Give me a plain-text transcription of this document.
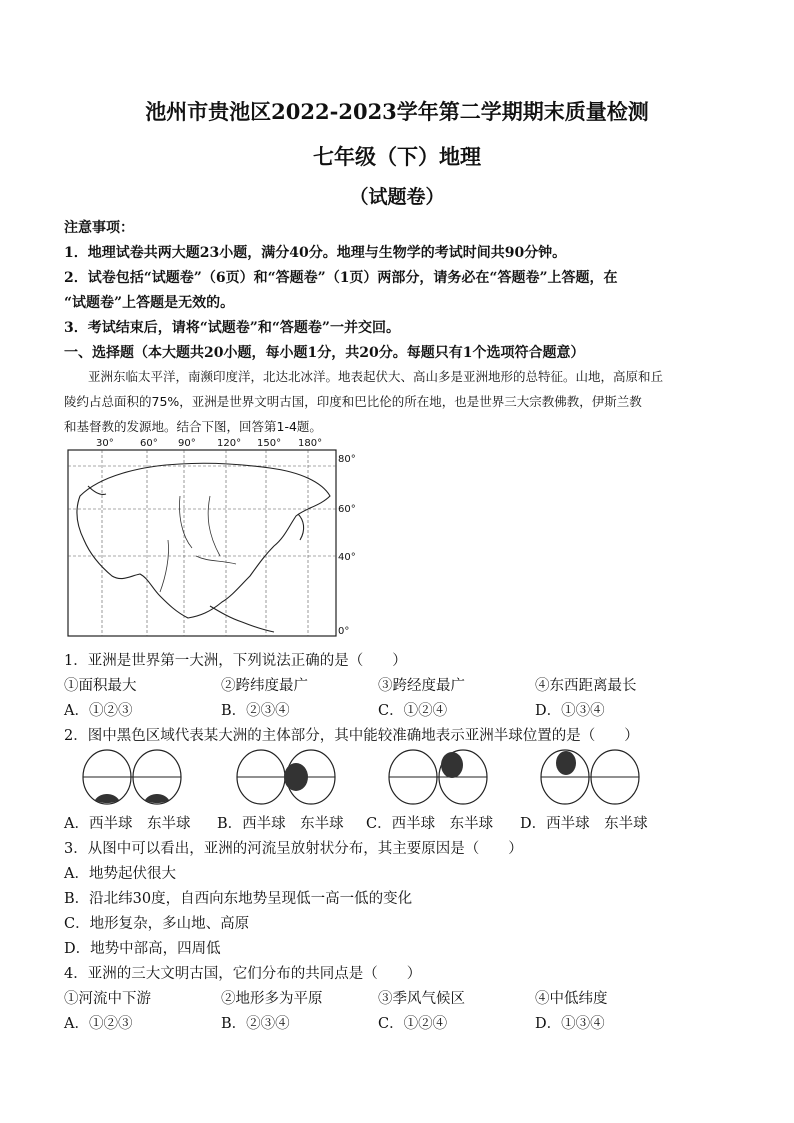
池州市贵池区2022-2023学年第二学期期末质量检测
七年级（下）地理
（试题卷）
注意事项：
1．地理试卷共两大题23小题，满分40分。地理与生物学的考试时间共90分钟。
2．试卷包括“试题卷”（6页）和“答题卷”（1页）两部分，请务必在“答题卷”上答题，在
“试题卷”上答题是无效的。
3．考试结束后，请将“试题卷”和“答题卷”一并交回。
一、选择题（本大题共20小题，每小题1分，共20分。每题只有1个选项符合题意）
亚洲东临太平洋，南濒印度洋，北达北冰洋。地表起伏大、高山多是亚洲地形的总特征。山地，高原和丘
陵约占总面积的75%，亚洲是世界文明古国，印度和巴比伦的所在地，也是世界三大宗教佛教，伊斯兰教
和基督教的发源地。结合下图，回答第1-4题。
30°	60° 90° 120° 150° 180°
80°
60°
40°
0°
1．亚洲是世界第一大洲，下列说法正确的是（　　）
①面积最大	②跨纬度最广	③跨经度最广	④东西距离最长
A．①②③	B．②③④	C．①②④	D．①③④
2．图中黑色区域代表某大洲的主体部分，其中能较准确地表示亚洲半球位置的是（　　）
A．西半球　东半球 B．西半球　东半球 C．西半球　东半球 D．西半球　东半球
3．从图中可以看出，亚洲的河流呈放射状分布，其主要原因是（　　）
A．地势起伏很大
B．沿北纬30度，自西向东地势呈现低一高一低的变化
C．地形复杂，多山地、高原
D．地势中部高，四周低
4．亚洲的三大文明古国，它们分布的共同点是（　　）
①河流中下游	②地形多为平原	③季风气候区	④中低纬度
A．①②③	B．②③④	C．①②④	D．①③④
